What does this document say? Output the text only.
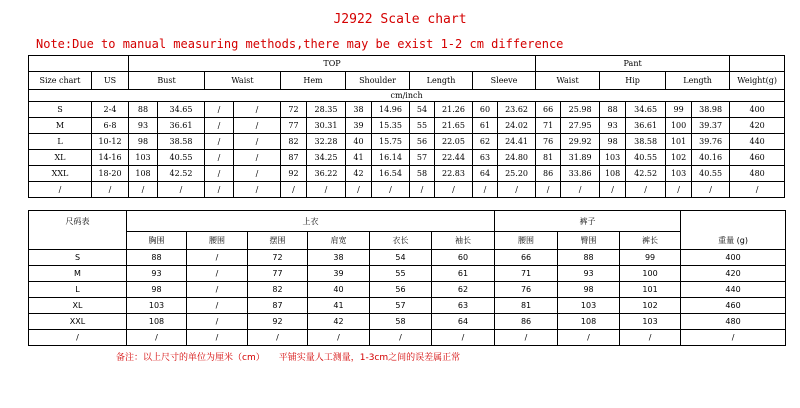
J2922 Scale chart
Note:Due to manual measuring methods,there may be exist 1-2 cm difference
		TOP												Pant						
Size chart	US	Bust		Waist		Hem		Shoulder		Length		Sleeve		Waist		Hip		Length		Weight(g)
cm/inch																				
S	2-4	88	34.65	/	/	72	28.35	38	14.96	54	21.26	60	23.62	66	25.98	88	34.65	99	38.98	400
M	6-8	93	36.61	/	/	77	30.31	39	15.35	55	21.65	61	24.02	71	27.95	93	36.61	100	39.37	420
L	10-12	98	38.58	/	/	82	32.28	40	15.75	56	22.05	62	24.41	76	29.92	98	38.58	101	39.76	440
XL	14-16	103	40.55	/	/	87	34.25	41	16.14	57	22.44	63	24.80	81	31.89	103	40.55	102	40.16	460
XXL	18-20	108	42.52	/	/	92	36.22	42	16.54	58	22.83	64	25.20	86	33.86	108	42.52	103	40.55	480
/	/	/	/	/	/	/	/	/	/	/	/	/	/	/	/	/	/	/	/	/
尺码表	上衣						裤子			
	胸围	腰围	摆围	肩宽	衣长	袖长	腰围	臀围	裤长	重量 (g)
S	88	/	72	38	54	60	66	88	99	400
M	93	/	77	39	55	61	71	93	100	420
L	98	/	82	40	56	62	76	98	101	440
XL	103	/	87	41	57	63	81	103	102	460
XXL	108	/	92	42	58	64	86	108	103	480
/	/	/	/	/	/	/	/	/	/	/
备注：以上尺寸的单位为厘米（cm） 平铺实量人工测量，1-3cm之间的误差属正常
